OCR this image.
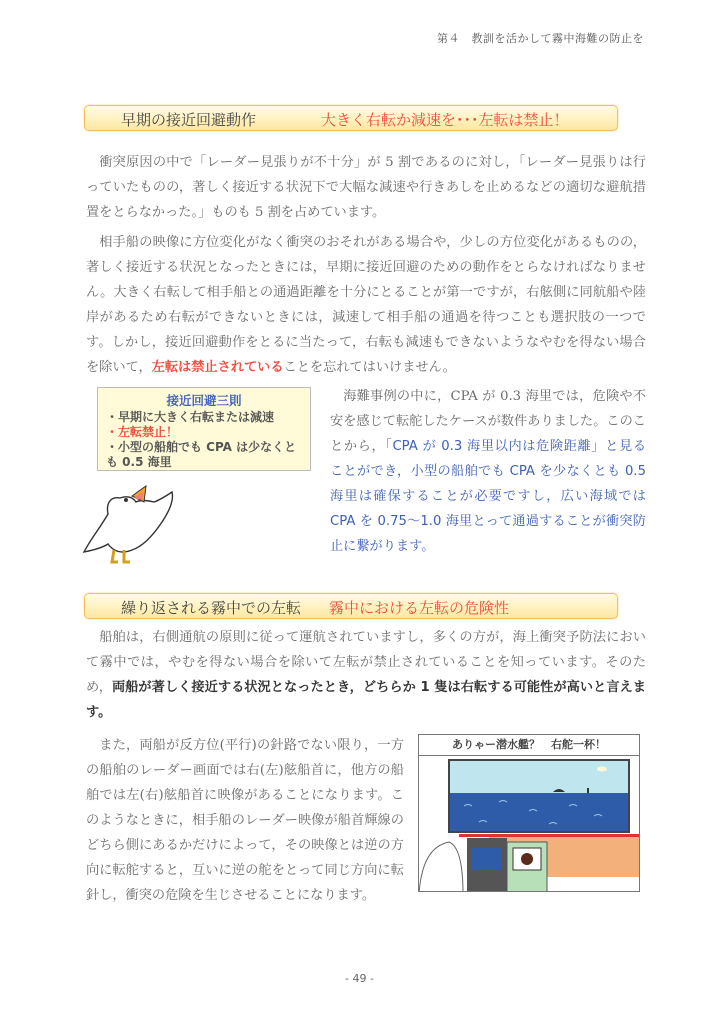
第４　教訓を活かして霧中海難の防止を
早期の接近回避動作	大きく右転か減速を･･･左転は禁止！

衝突原因の中で「レーダー見張りが不十分」が 5 割であるのに対し，「レーダー見張りは行っていたものの，著しく接近する状況下で大幅な減速や行きあしを止めるなどの適切な避航措置をとらなかった。」ものも 5 割を占めています。

相手船の映像に方位変化がなく衝突のおそれがある場合や，少しの方位変化があるものの，著しく接近する状況となったときには，早期に接近回避のための動作をとらなければなりません。大きく右転して相手船との通過距離を十分にとることが第一ですが，右舷側に同航船や陸岸があるため右転ができないときには，減速して相手船の通過を待つことも選択肢の一つです。しかし，接近回避動作をとるに当たって，右転も減速もできないようなやむを得ない場合を除いて，左転は禁止されていることを忘れてはいけません。

接近回避三則
・早期に大きく右転または減速
・左転禁止！
・小型の船舶でも CPA は少なくとも 0.5 海里

海難事例の中に，CPA が 0.3 海里では，危険や不安を感じて転舵したケースが数件ありました。このことから，「CPA が 0.3 海里以内は危険距離」と見ることができ，小型の船舶でも CPA を少なくとも 0.5 海里は確保することが必要ですし，広い海域では CPA を 0.75～1.0 海里とって通過することが衝突防止に繋がります。

繰り返される霧中での左転 霧中における左転の危険性

船舶は，右側通航の原則に従って運航されていますし，多くの方が，海上衝突予防法において霧中では，やむを得ない場合を除いて左転が禁止されていることを知っています。そのため，両船が著しく接近する状況となったとき，どちらか 1 隻は右転する可能性が高いと言えます。

また，両船が反方位(平行)の針路でない限り，一方の船舶のレーダー画面では右(左)舷船首に，他方の船舶では左(右)舷船首に映像があることになります。このようなときに，相手船のレーダー映像が船首輝線のどちら側にあるかだけによって，その映像とは逆の方向に転舵すると，互いに逆の舵をとって同じ方向に転針し，衝突の危険を生じさせることになります。

ありゃー潜水艦？　右舵一杯！
- 49 -
